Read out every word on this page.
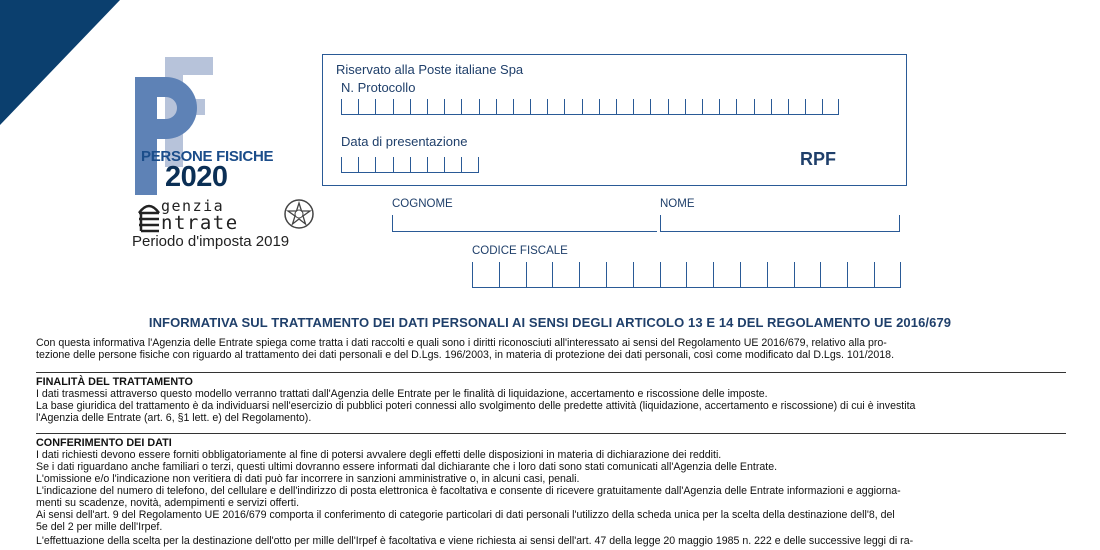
PERSONE FISICHE
2020
genzia
ntrate
Periodo d'imposta 2019
Riservato alla Poste italiane Spa
N. Protocollo
Data di presentazione
RPF
COGNOME	NOME
CODICE FISCALE
INFORMATIVA SUL TRATTAMENTO DEI DATI PERSONALI AI SENSI DEGLI ARTICOLO 13 E 14 DEL REGOLAMENTO UE 2016/679
Con questa informativa l'Agenzia delle Entrate spiega come tratta i dati raccolti e quali sono i diritti riconosciuti all'interessato ai sensi del Regolamento UE 2016/679, relativo alla pro-
tezione delle persone fisiche con riguardo al trattamento dei dati personali e del D.Lgs. 196/2003, in materia di protezione dei dati personali, così come modificato dal D.Lgs. 101/2018.
FINALITÀ DEL TRATTAMENTO
I dati trasmessi attraverso questo modello verranno trattati dall'Agenzia delle Entrate per le finalità di liquidazione, accertamento e riscossione delle imposte.
La base giuridica del trattamento è da individuarsi nell'esercizio di pubblici poteri connessi allo svolgimento delle predette attività (liquidazione, accertamento e riscossione) di cui è investita
l'Agenzia delle Entrate (art. 6, §1 lett. e) del Regolamento).
CONFERIMENTO DEI DATI
I dati richiesti devono essere forniti obbligatoriamente al fine di potersi avvalere degli effetti delle disposizioni in materia di dichiarazione dei redditi.
Se i dati riguardano anche familiari o terzi, questi ultimi dovranno essere informati dal dichiarante che i loro dati sono stati comunicati all'Agenzia delle Entrate.
L'omissione e/o l'indicazione non veritiera di dati può far incorrere in sanzioni amministrative o, in alcuni casi, penali.
L'indicazione del numero di telefono, del cellulare e dell'indirizzo di posta elettronica è facoltativa e consente di ricevere gratuitamente dall'Agenzia delle Entrate informazioni e aggiorna-
menti su scadenze, novità, adempimenti e servizi offerti.
Ai sensi dell'art. 9 del Regolamento UE 2016/679 comporta il conferimento di categorie particolari di dati personali l'utilizzo della scheda unica per la scelta della destinazione dell'8, del
5e del 2 per mille dell'Irpef.
L'effettuazione della scelta per la destinazione dell'otto per mille dell'Irpef è facoltativa e viene richiesta ai sensi dell'art. 47 della legge 20 maggio 1985 n. 222 e delle successive leggi di ra-
